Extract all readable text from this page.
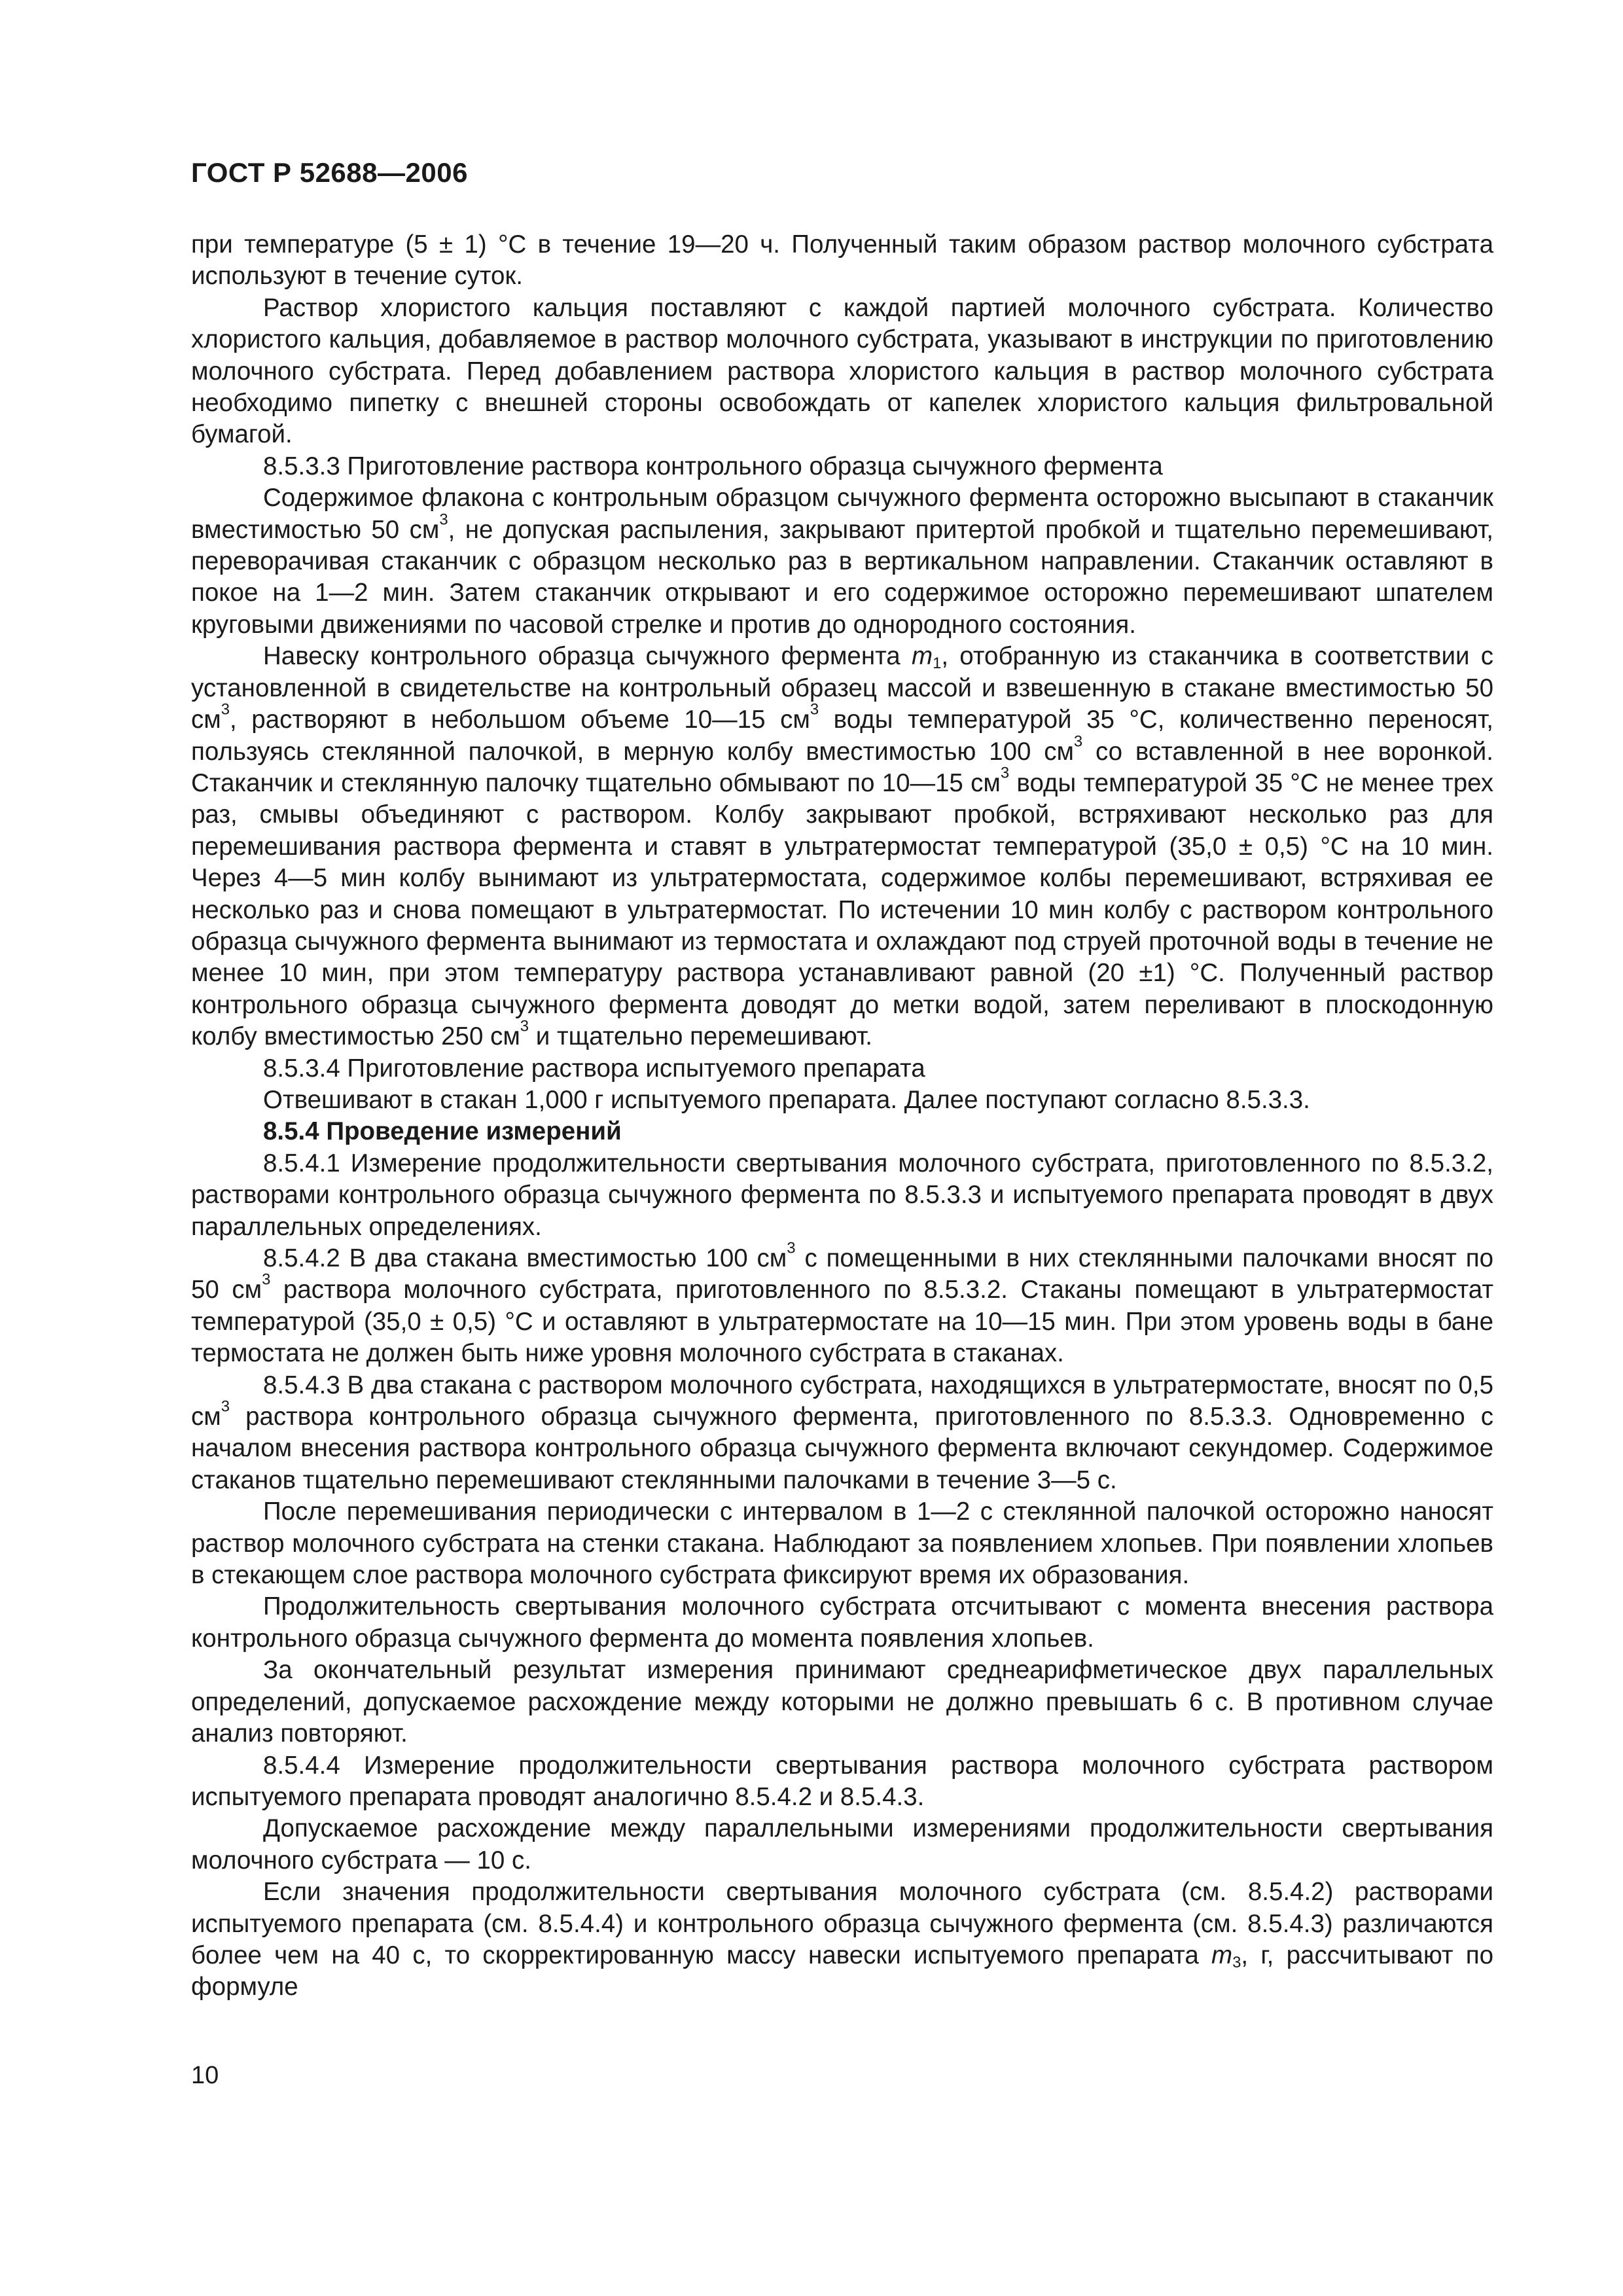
ГОСТ Р 52688—2006

при температуре (5 ± 1) °С в течение 19—20 ч. Полученный таким образом раствор молочного субстрата используют в течение суток.

Раствор хлористого кальция поставляют с каждой партией молочного субстрата. Количество хлористого кальция, добавляемое в раствор молочного субстрата, указывают в инструкции по приготовлению молочного субстрата. Перед добавлением раствора хлористого кальция в раствор молочного субстрата необходимо пипетку с внешней стороны освобождать от капелек хлористого кальция фильтровальной бумагой.

8.5.3.3 Приготовление раствора контрольного образца сычужного фермента

Содержимое флакона с контрольным образцом сычужного фермента осторожно высыпают в стаканчик вместимостью 50 $см^3$, не допуская распыления, закрывают притертой пробкой и тщательно перемешивают, переворачивая стаканчик с образцом несколько раз в вертикальном направлении. Стаканчик оставляют в покое на 1—2 мин. Затем стаканчик открывают и его содержимое осторожно перемешивают шпателем круговыми движениями по часовой стрелке и против до однородного состояния.

Навеску контрольного образца сычужного фермента $m_1$, отобранную из стаканчика в соответствии с установленной в свидетельстве на контрольный образец массой и взвешенную в стакане вместимостью 50 $см^3$, растворяют в небольшом объеме 10—15 $см^3$ воды температурой 35 °С, количественно переносят, пользуясь стеклянной палочкой, в мерную колбу вместимостью 100 $см^3$ со вставленной в нее воронкой. Стаканчик и стеклянную палочку тщательно обмывают по 10—15 $см^3$ воды температурой 35 °С не менее трех раз, смывы объединяют с раствором. Колбу закрывают пробкой, встряхивают несколько раз для перемешивания раствора фермента и ставят в ультратермостат температурой (35,0 ± 0,5) °С на 10 мин. Через 4—5 мин колбу вынимают из ультратермостата, содержимое колбы перемешивают, встряхивая ее несколько раз и снова помещают в ультратермостат. По истечении 10 мин колбу с раствором контрольного образца сычужного фермента вынимают из термостата и охлаждают под струей проточной воды в течение не менее 10 мин, при этом температуру раствора устанавливают равной (20 ±1) °С. Полученный раствор контрольного образца сычужного фермента доводят до метки водой, затем переливают в плоскодонную колбу вместимостью 250 $см^3$ и тщательно перемешивают.

8.5.3.4 Приготовление раствора испытуемого препарата

Отвешивают в стакан 1,000 г испытуемого препарата. Далее поступают согласно 8.5.3.3.

8.5.4 Проведение измерений

8.5.4.1 Измерение продолжительности свертывания молочного субстрата, приготовленного по 8.5.3.2, растворами контрольного образца сычужного фермента по 8.5.3.3 и испытуемого препарата проводят в двух параллельных определениях.

8.5.4.2 В два стакана вместимостью 100 $см^3$ с помещенными в них стеклянными палочками вносят по 50 $см^3$ раствора молочного субстрата, приготовленного по 8.5.3.2. Стаканы помещают в ультратермостат температурой (35,0 ± 0,5) °С и оставляют в ультратермостате на 10—15 мин. При этом уровень воды в бане термостата не должен быть ниже уровня молочного субстрата в стаканах.

8.5.4.3 В два стакана с раствором молочного субстрата, находящихся в ультратермостате, вносят по 0,5 $см^3$ раствора контрольного образца сычужного фермента, приготовленного по 8.5.3.3. Одновременно с началом внесения раствора контрольного образца сычужного фермента включают секундомер. Содержимое стаканов тщательно перемешивают стеклянными палочками в течение 3—5 с.

После перемешивания периодически с интервалом в 1—2 с стеклянной палочкой осторожно наносят раствор молочного субстрата на стенки стакана. Наблюдают за появлением хлопьев. При появлении хлопьев в стекающем слое раствора молочного субстрата фиксируют время их образования.

Продолжительность свертывания молочного субстрата отсчитывают с момента внесения раствора контрольного образца сычужного фермента до момента появления хлопьев.

За окончательный результат измерения принимают среднеарифметическое двух параллельных определений, допускаемое расхождение между которыми не должно превышать 6 с. В противном случае анализ повторяют.

8.5.4.4 Измерение продолжительности свертывания раствора молочного субстрата раствором испытуемого препарата проводят аналогично 8.5.4.2 и 8.5.4.3.

Допускаемое расхождение между параллельными измерениями продолжительности свертывания молочного субстрата — 10 с.

Если значения продолжительности свертывания молочного субстрата (см. 8.5.4.2) растворами испытуемого препарата (см. 8.5.4.4) и контрольного образца сычужного фермента (см. 8.5.4.3) различаются более чем на 40 с, то скорректированную массу навески испытуемого препарата $m_3$, г, рассчитывают по формуле

10
